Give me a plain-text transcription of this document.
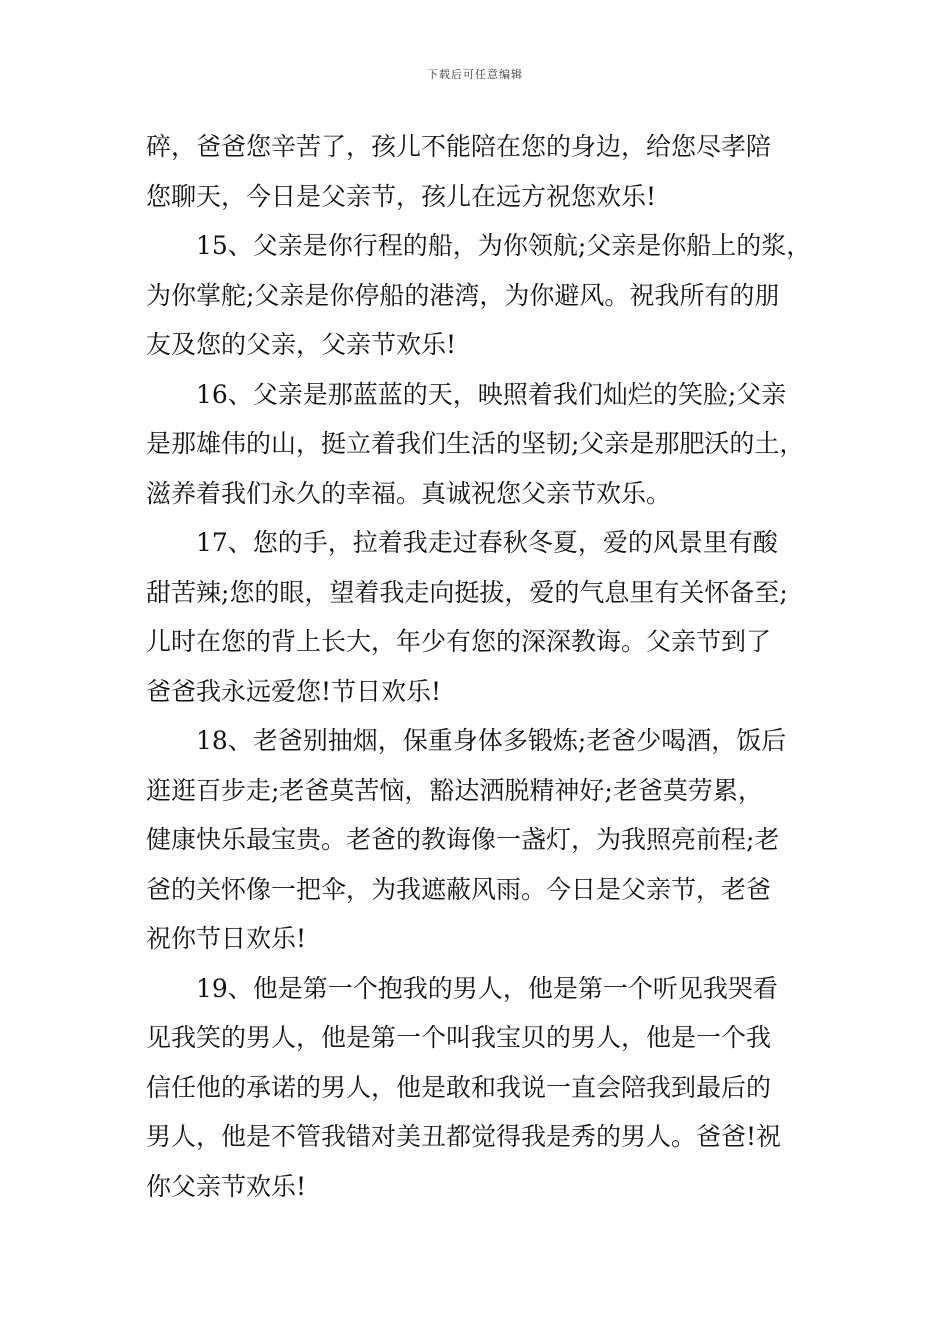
下载后可任意编辑
碎，爸爸您辛苦了，孩儿不能陪在您的身边，给您尽孝陪
您聊天，今日是父亲节，孩儿在远方祝您欢乐!
15、父亲是你行程的船，为你领航;父亲是你船上的浆，
为你掌舵;父亲是你停船的港湾，为你避风。祝我所有的朋
友及您的父亲，父亲节欢乐!
16、父亲是那蓝蓝的天，映照着我们灿烂的笑脸;父亲
是那雄伟的山，挺立着我们生活的坚韧;父亲是那肥沃的土，
滋养着我们永久的幸福。真诚祝您父亲节欢乐。
17、您的手，拉着我走过春秋冬夏，爱的风景里有酸
甜苦辣;您的眼，望着我走向挺拔，爱的气息里有关怀备至;
儿时在您的背上长大，年少有您的深深教诲。父亲节到了
爸爸我永远爱您!节日欢乐!
18、老爸别抽烟，保重身体多锻炼;老爸少喝酒，饭后
逛逛百步走;老爸莫苦恼，豁达洒脱精神好;老爸莫劳累，
健康快乐最宝贵。老爸的教诲像一盏灯，为我照亮前程;老
爸的关怀像一把伞，为我遮蔽风雨。今日是父亲节，老爸
祝你节日欢乐!
19、他是第一个抱我的男人，他是第一个听见我哭看
见我笑的男人，他是第一个叫我宝贝的男人，他是一个我
信任他的承诺的男人，他是敢和我说一直会陪我到最后的
男人，他是不管我错对美丑都觉得我是秀的男人。爸爸!祝
你父亲节欢乐!
